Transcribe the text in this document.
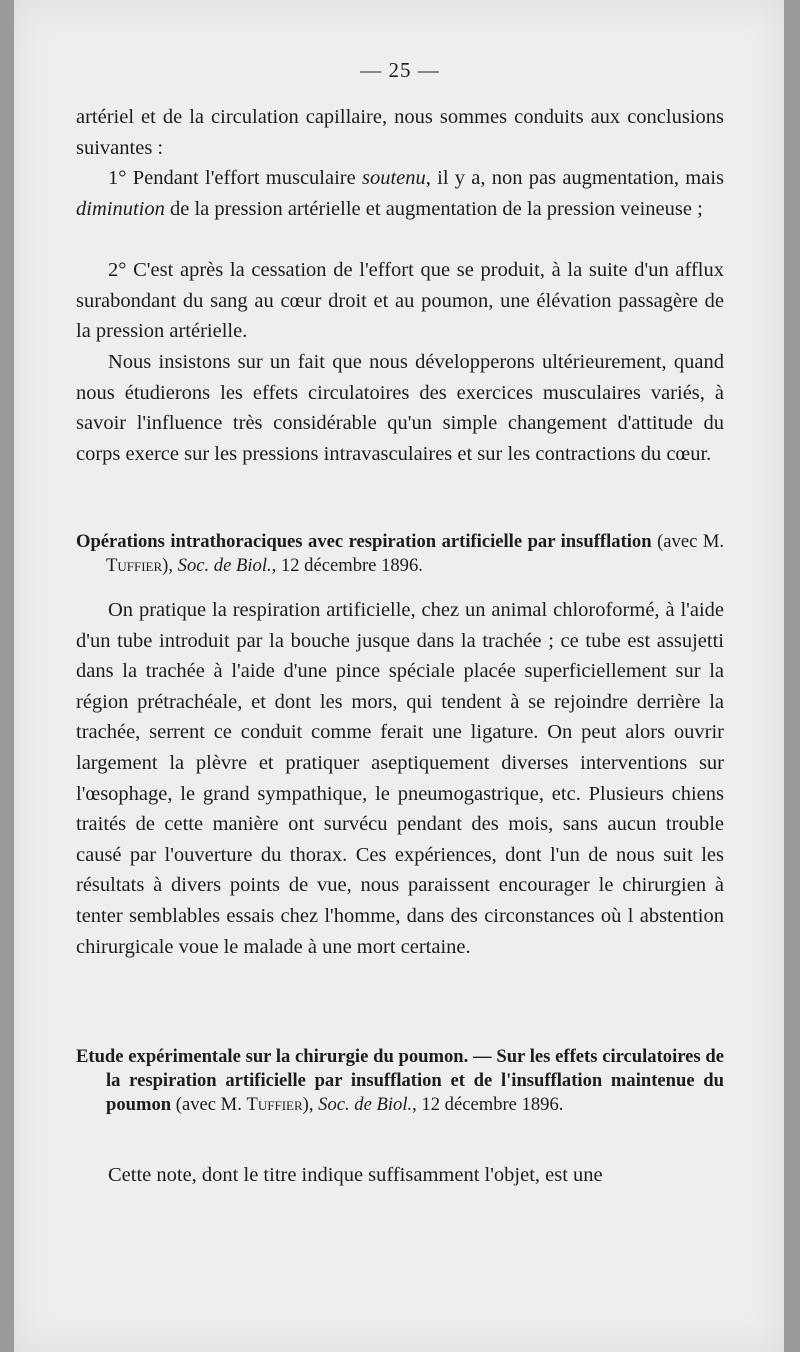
— 25 —

artériel et de la circulation capillaire, nous sommes conduits aux conclusions suivantes :

1° Pendant l'effort musculaire soutenu, il y a, non pas augmentation, mais diminution de la pression artérielle et augmentation de la pression veineuse ;

2° C'est après la cessation de l'effort que se produit, à la suite d'un afflux surabondant du sang au cœur droit et au poumon, une élévation passagère de la pression artérielle.

Nous insistons sur un fait que nous développerons ultérieurement, quand nous étudierons les effets circulatoires des exercices musculaires variés, à savoir l'influence très considérable qu'un simple changement d'attitude du corps exerce sur les pressions intravasculaires et sur les contractions du cœur.

Opérations intrathoraciques avec respiration artificielle par insufflation (avec M. Tuffier), Soc. de Biol., 12 décembre 1896.

On pratique la respiration artificielle, chez un animal chloroformé, à l'aide d'un tube introduit par la bouche jusque dans la trachée ; ce tube est assujetti dans la trachée à l'aide d'une pince spéciale placée superficiellement sur la région prétrachéale, et dont les mors, qui tendent à se rejoindre derrière la trachée, serrent ce conduit comme ferait une ligature. On peut alors ouvrir largement la plèvre et pratiquer aseptiquement diverses interventions sur l'œsophage, le grand sympathique, le pneumogastrique, etc. Plusieurs chiens traités de cette manière ont survécu pendant des mois, sans aucun trouble causé par l'ouverture du thorax. Ces expériences, dont l'un de nous suit les résultats à divers points de vue, nous paraissent encourager le chirurgien à tenter semblables essais chez l'homme, dans des circonstances où l abstention chirurgicale voue le malade à une mort certaine.

Etude expérimentale sur la chirurgie du poumon. — Sur les effets circulatoires de la respiration artificielle par insufflation et de l'insufflation maintenue du poumon (avec M. Tuffier), Soc. de Biol., 12 décembre 1896.

Cette note, dont le titre indique suffisamment l'objet, est une
